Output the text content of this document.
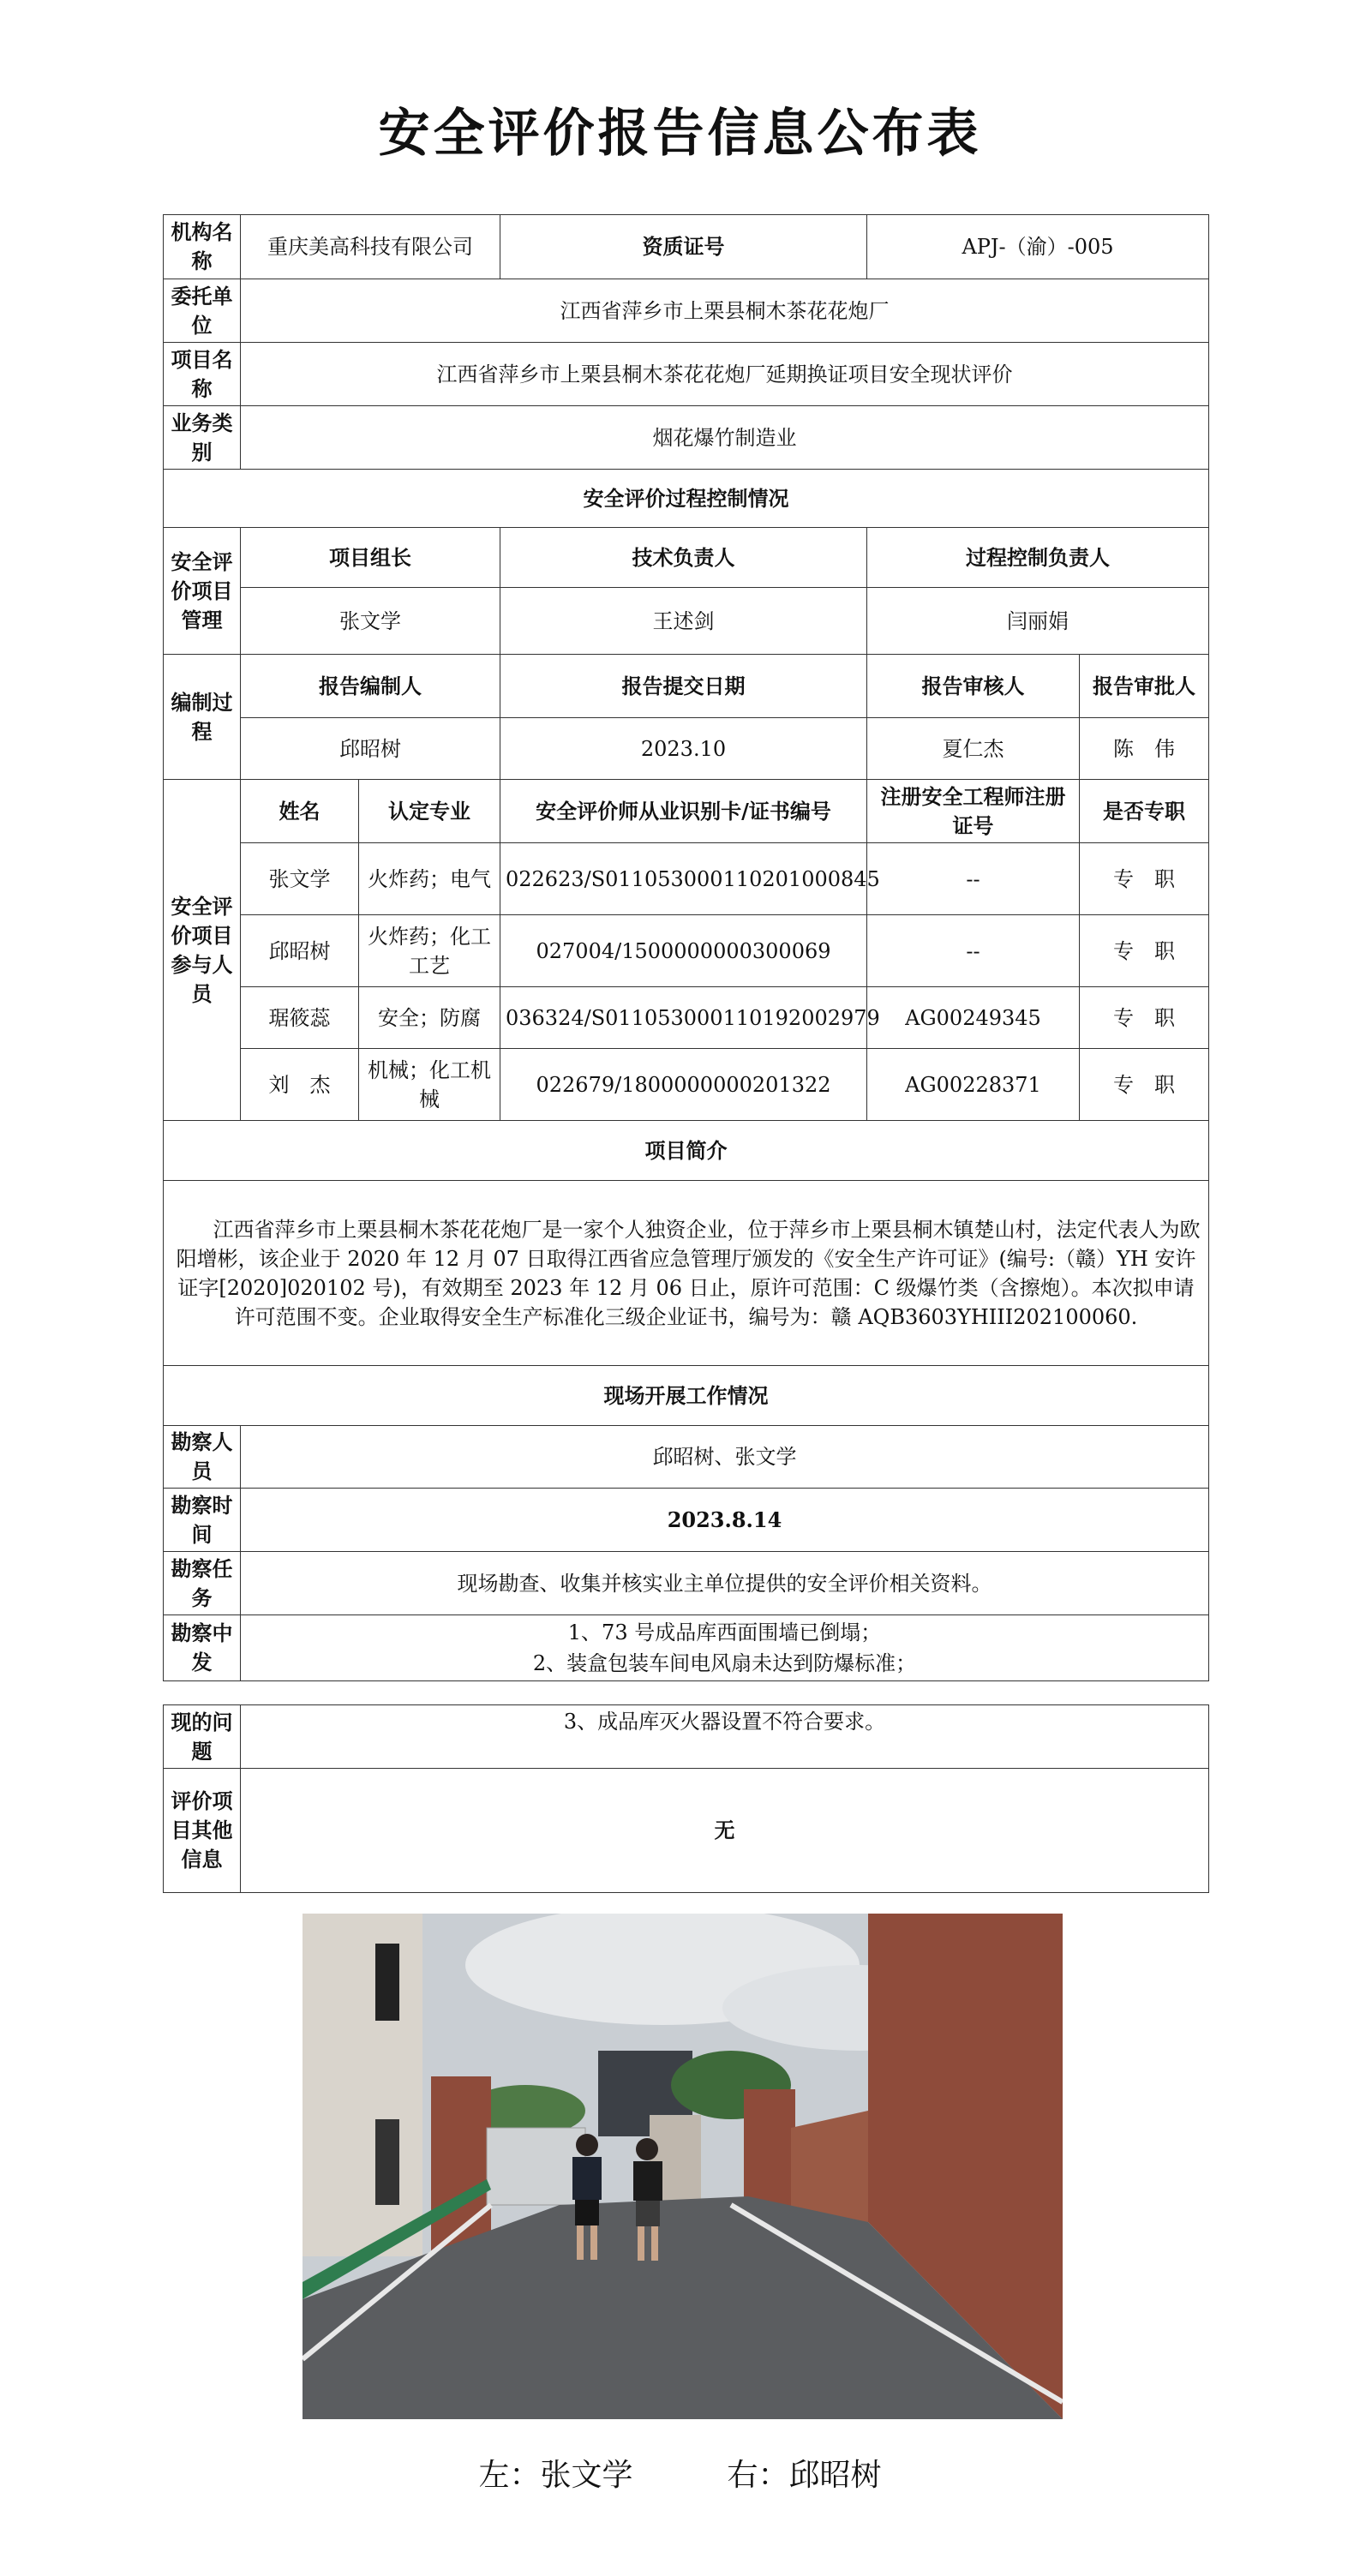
安全评价报告信息公布表
机构名称	重庆美高科技有限公司		资质证号	APJ-（渝）-005	
委托单位	江西省萍乡市上栗县桐木茶花花炮厂				
项目名称	江西省萍乡市上栗县桐木茶花花炮厂延期换证项目安全现状评价				
业务类别	烟花爆竹制造业				
安全评价过程控制情况					
安全评价项目管理	项目组长		技术负责人	过程控制负责人	
	张文学		王述剑	闫丽娟	
编制过程	报告编制人		报告提交日期	报告审核人	报告审批人
	邱昭树		2023.10	夏仁杰	陈　伟
安全评价项目参与人员	姓名	认定专业	安全评价师从业识别卡/证书编号	注册安全工程师注册证号	是否专职
	张文学	火炸药；电气	022623/S011053000110201000845	--	专　职
	邱昭树	火炸药；化工工艺	027004/1500000000300069	--	专　职
	琚筱蕊	安全；防腐	036324/S011053000110192002979	AG00249345	专　职
	刘　杰	机械；化工机械	022679/1800000000201322	AG00228371	专　职
项目简介					

江西省萍乡市上栗县桐木茶花花炮厂是一家个人独资企业，位于萍乡市上栗县桐木镇楚山村，法定代表人为欧阳增彬，该企业于 2020 年 12 月 07 日取得江西省应急管理厅颁发的《安全生产许可证》(编号:（赣）YH 安许证字[2020]020102 号)，有效期至 2023 年 12 月 06 日止，原许可范围：C 级爆竹类（含擦炮）。本次拟申请许可范围不变。企业取得安全生产标准化三级企业证书，编号为：赣 AQB3603YHIII202100060.					

现场开展工作情况					
勘察人员	邱昭树、张文学				
勘察时间	2023.8.14				
勘察任务	现场勘查、收集并核实业主单位提供的安全评价相关资料。				
勘察中发	1、73 号成品库西面围墙已倒塌；
2、装盒包装车间电风扇未达到防爆标准；				
现的问题	3、成品库灭火器设置不符合要求。

评价项目其他信息	无
左：张文学	右：邱昭树
